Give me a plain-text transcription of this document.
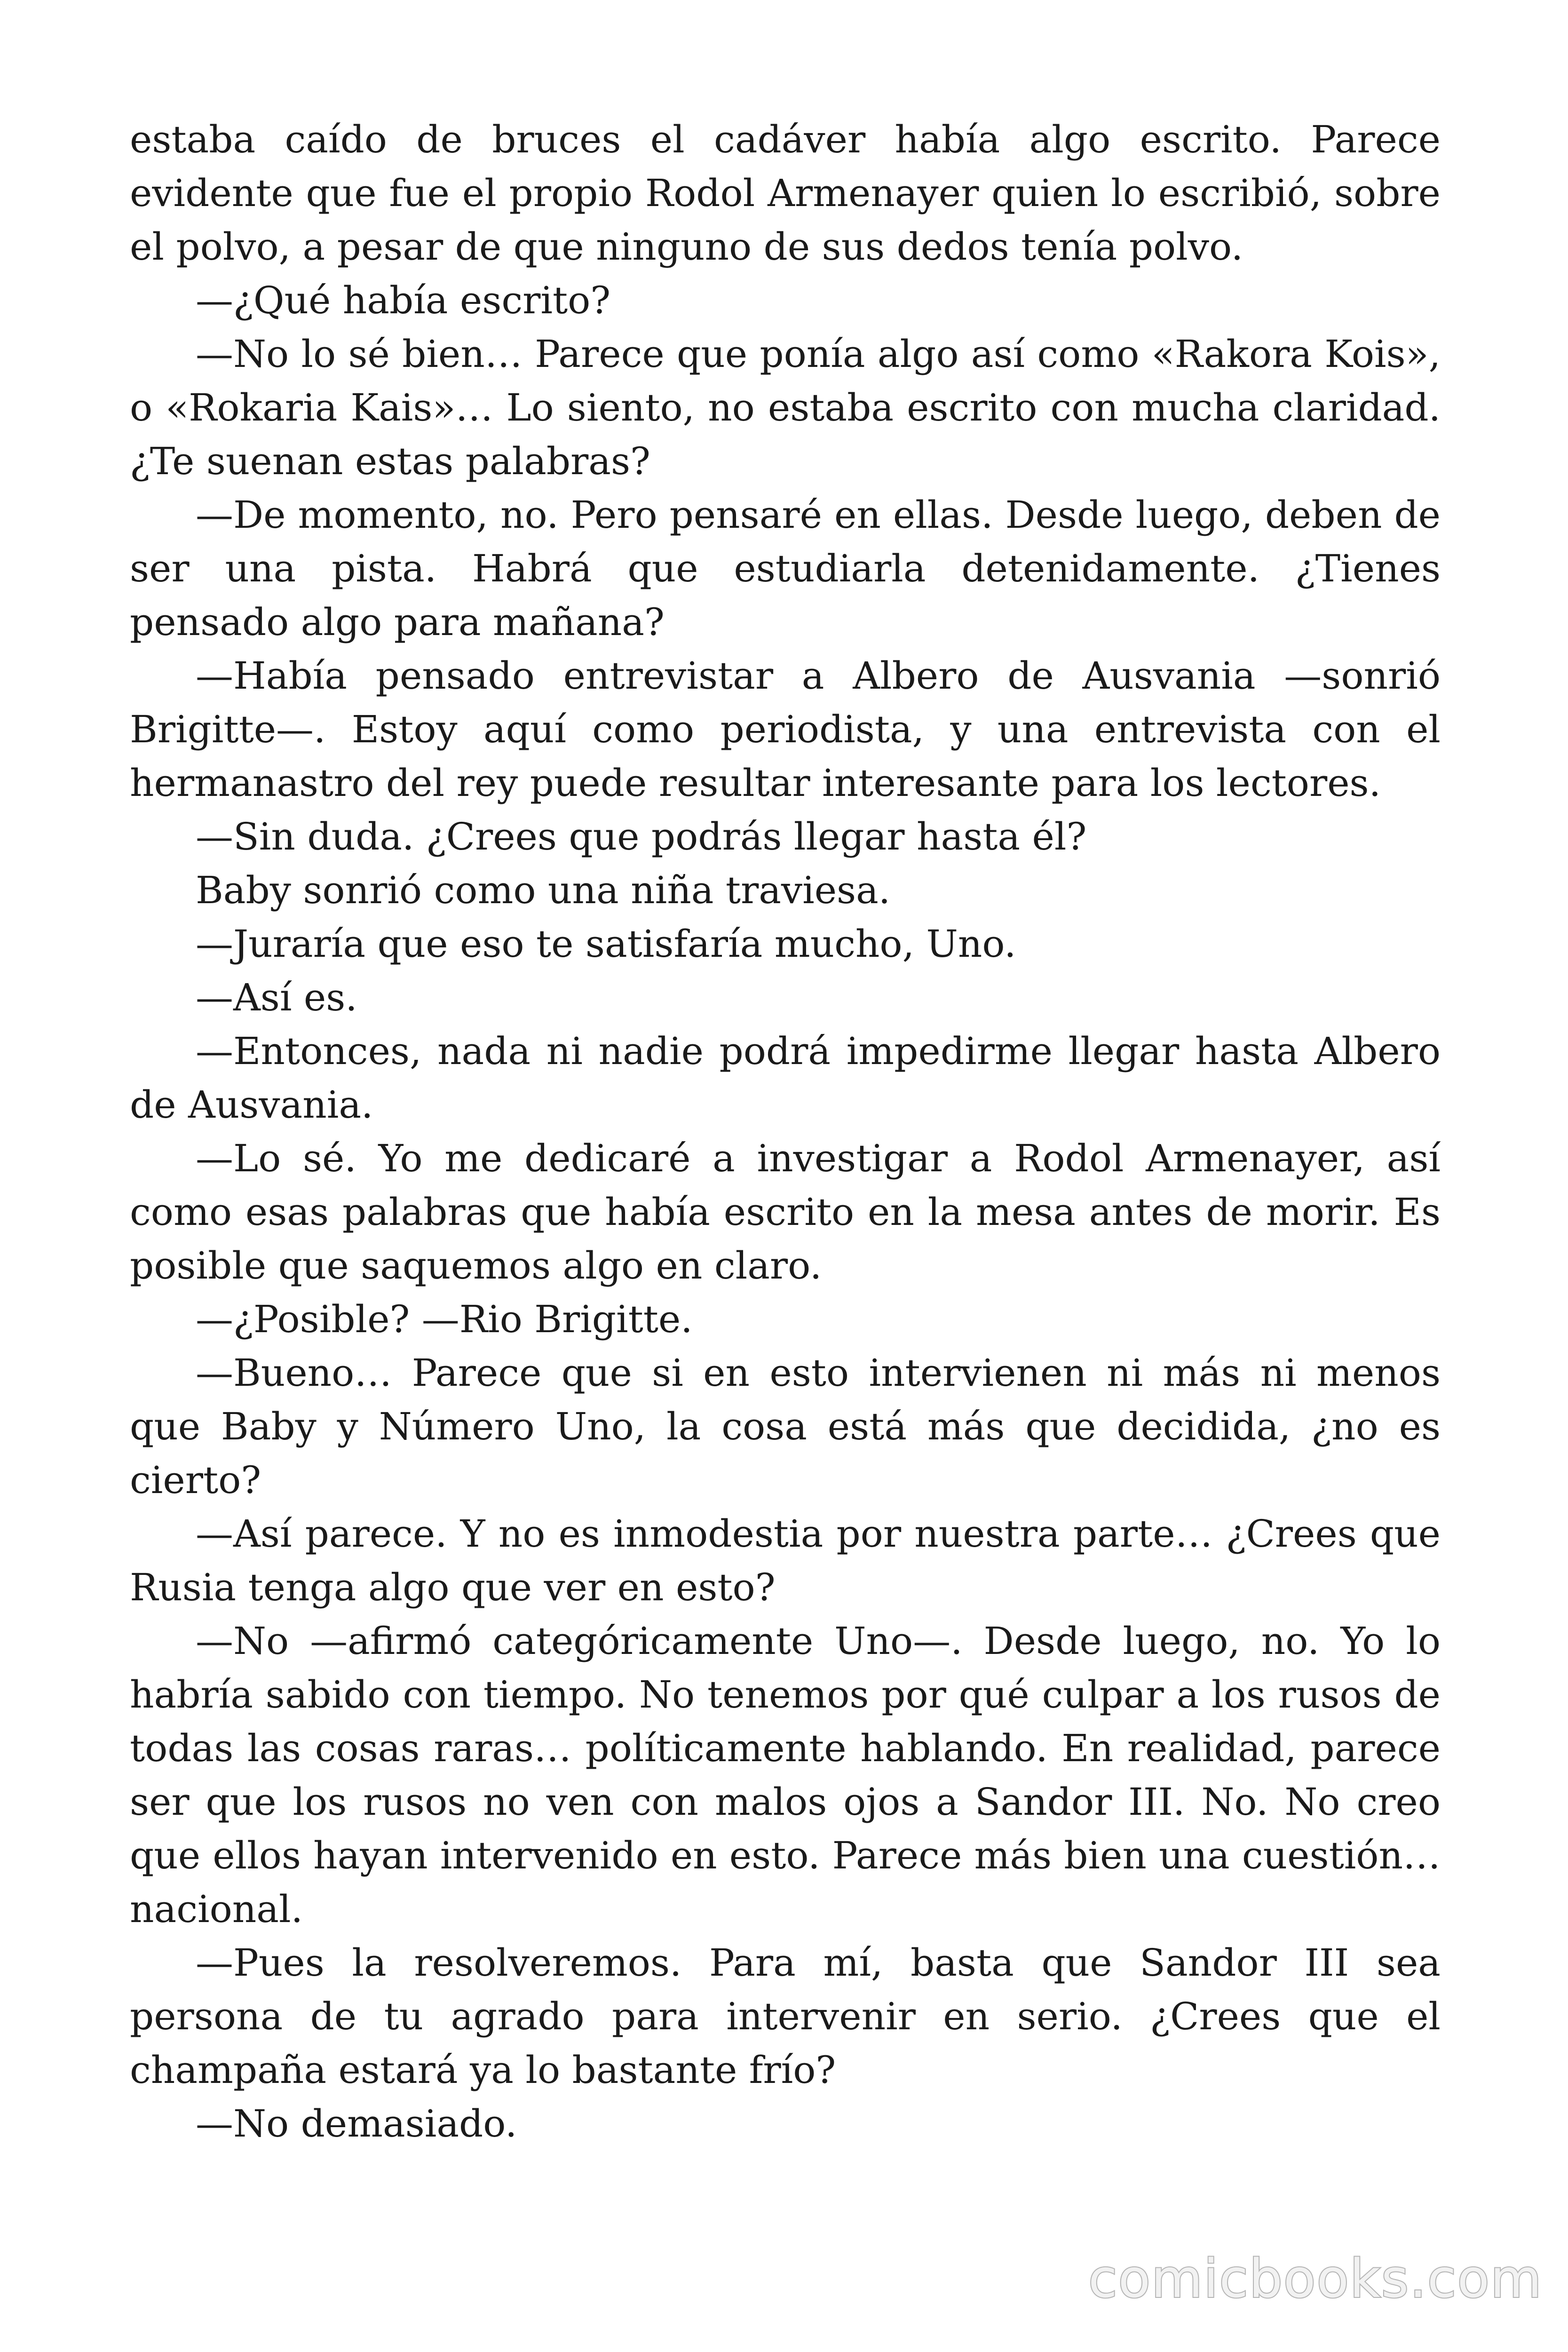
estaba caído de bruces el cadáver había algo escrito. Parece evidente que fue el propio Rodol Armenayer quien lo escribió, sobre el polvo, a pesar de que ninguno de sus dedos tenía polvo.

—¿Qué había escrito?

—No lo sé bien… Parece que ponía algo así como «Rakora Kois», o «Rokaria Kais»… Lo siento, no estaba escrito con mucha claridad. ¿Te suenan estas palabras?

—De momento, no. Pero pensaré en ellas. Desde luego, deben de ser una pista. Habrá que estudiarla detenidamente. ¿Tienes pensado algo para mañana?

—Había pensado entrevistar a Albero de Ausvania —sonrió Brigitte—. Estoy aquí como periodista, y una entrevista con el hermanastro del rey puede resultar interesante para los lectores.

—Sin duda. ¿Crees que podrás llegar hasta él?

Baby sonrió como una niña traviesa.

—Juraría que eso te satisfaría mucho, Uno.

—Así es.

—Entonces, nada ni nadie podrá impedirme llegar hasta Albero de Ausvania.

—Lo sé. Yo me dedicaré a investigar a Rodol Armenayer, así como esas palabras que había escrito en la mesa antes de morir. Es posible que saquemos algo en claro.

—¿Posible? —Rio Brigitte.

—Bueno… Parece que si en esto intervienen ni más ni menos que Baby y Número Uno, la cosa está más que decidida, ¿no es cierto?

—Así parece. Y no es inmodestia por nuestra parte… ¿Crees que Rusia tenga algo que ver en esto?

—No —afirmó categóricamente Uno—. Desde luego, no. Yo lo habría sabido con tiempo. No tenemos por qué culpar a los rusos de todas las cosas raras… políticamente hablando. En realidad, parece ser que los rusos no ven con malos ojos a Sandor III. No. No creo que ellos hayan intervenido en esto. Parece más bien una cuestión… nacional.

—Pues la resolveremos. Para mí, basta que Sandor III sea persona de tu agrado para intervenir en serio. ¿Crees que el champaña estará ya lo bastante frío?

—No demasiado.

comicbooks.com
